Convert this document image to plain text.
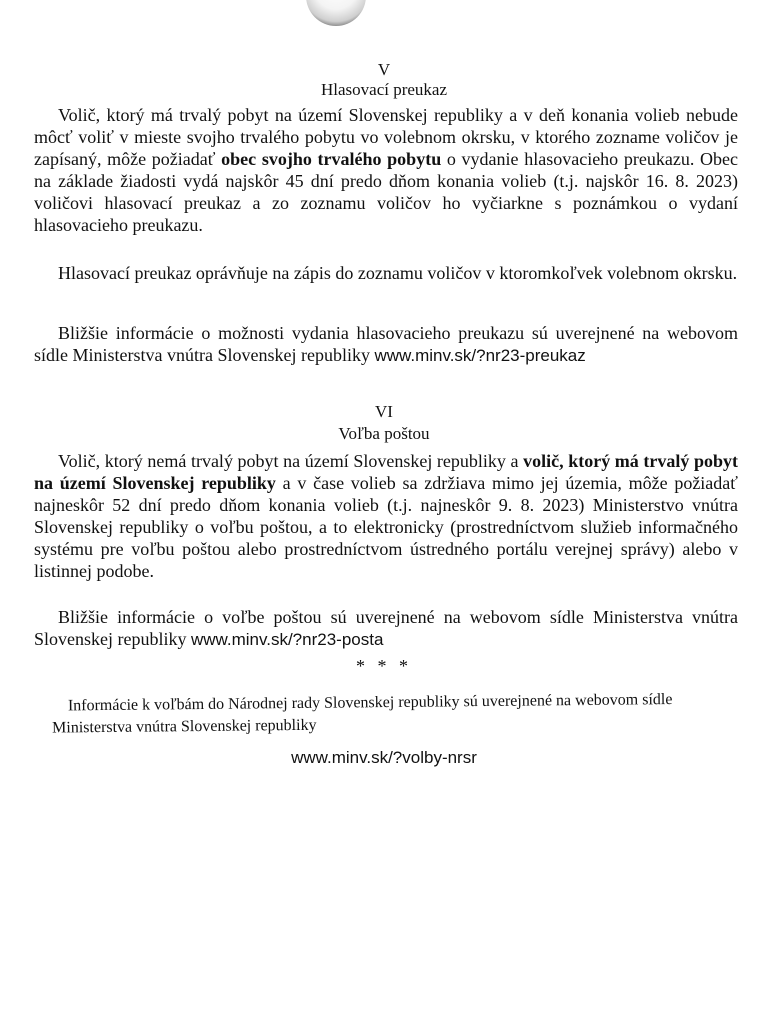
V
Hlasovací preukaz
Volič, ktorý má trvalý pobyt na území Slovenskej republiky a v deň konania volieb nebude môcť voliť v mieste svojho trvalého pobytu vo volebnom okrsku, v ktorého zozname voličov je zapísaný, môže požiadať obec svojho trvalého pobytu o vydanie hlasovacieho preukazu. Obec na základe žiadosti vydá najskôr 45 dní predo dňom konania volieb (t.j. najskôr 16. 8. 2023) voličovi hlasovací preukaz a zo zoznamu voličov ho vyčiarkne s poznámkou o vydaní hlasovacieho preukazu.
Hlasovací preukaz oprávňuje na zápis do zoznamu voličov v ktoromkoľvek volebnom okrsku.
Bližšie informácie o možnosti vydania hlasovacieho preukazu sú uverejnené na webovom sídle Ministerstva vnútra Slovenskej republiky www.minv.sk/?nr23-preukaz
VI
Voľba poštou
Volič, ktorý nemá trvalý pobyt na území Slovenskej republiky a volič, ktorý má trvalý pobyt na území Slovenskej republiky a v čase volieb sa zdržiava mimo jej územia, môže požiadať najneskôr 52 dní predo dňom konania volieb (t.j. najneskôr 9. 8. 2023) Ministerstvo vnútra Slovenskej republiky o voľbu poštou, a to elektronicky (prostredníctvom služieb informačného systému pre voľbu poštou alebo prostredníctvom ústredného portálu verejnej správy) alebo v listinnej podobe.
Bližšie informácie o voľbe poštou sú uverejnené na webovom sídle Ministerstva vnútra Slovenskej republiky www.minv.sk/?nr23-posta
* * *
Informácie k voľbám do Národnej rady Slovenskej republiky sú uverejnené na webovom sídle Ministerstva vnútra Slovenskej republiky
www.minv.sk/?volby-nrsr
